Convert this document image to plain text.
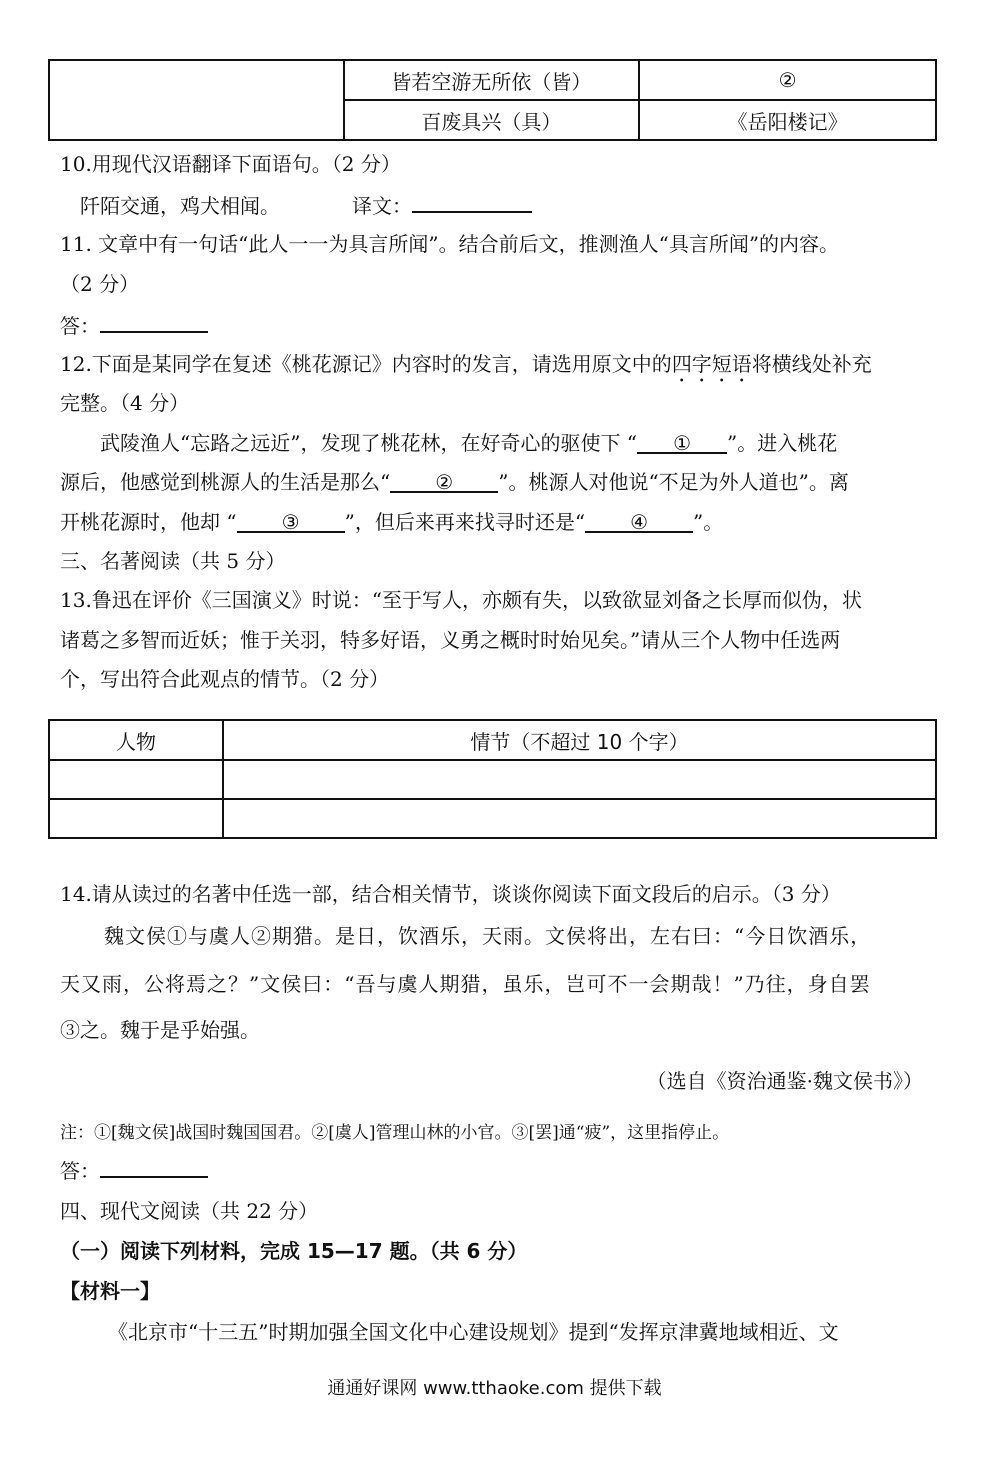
	皆若空游无所依（皆）	②
	百废具兴（具）	《岳阳楼记》
10.用现代汉语翻译下面语句。（2 分）
阡陌交通，鸡犬相闻。	译文：
11. 文章中有一句话“此人一一为具言所闻”。结合前后文，推测渔人“具言所闻”的内容。
（2 分）
答：
12.下面是某同学在复述《桃花源记》内容时的发言，请选用原文中的四字短语将横线处补充
完整。（4 分）
武陵渔人“忘路之远近”，发现了桃花林，在好奇心的驱使下 “ ① ”。进入桃花
源后，他感觉到桃源人的生活是那么“ ② ”。桃源人对他说“不足为外人道也”。离
开桃花源时，他却 “ ③ ”，但后来再来找寻时还是“ ④ ”。
三、名著阅读（共 5 分）
13.鲁迅在评价《三国演义》时说：“至于写人，亦颇有失，以致欲显刘备之长厚而似伪，状
诸葛之多智而近妖；惟于关羽，特多好语，义勇之概时时始见矣。”请从三个人物中任选两
个，写出符合此观点的情节。（2 分）
人物	情节（不超过 10 个字）

14.请从读过的名著中任选一部，结合相关情节，谈谈你阅读下面文段后的启示。（3 分）
魏文侯①与虞人②期猎。是日，饮酒乐，天雨。文侯将出，左右曰：“今日饮酒乐，
天又雨，公将焉之？”文侯曰：“吾与虞人期猎，虽乐，岂可不一会期哉！”乃往，身自罢
③之。魏于是乎始强。
（选自《资治通鉴·魏文侯书》）
注：①[魏文侯]战国时魏国国君。②[虞人]管理山林的小官。③[罢]通“疲”，这里指停止。
答：
四、现代文阅读（共 22 分）
（一）阅读下列材料，完成 15—17 题。（共 6 分）
【材料一】
《北京市“十三五”时期加强全国文化中心建设规划》提到“发挥京津冀地域相近、文
通通好课网 www.tthaoke.com 提供下载
